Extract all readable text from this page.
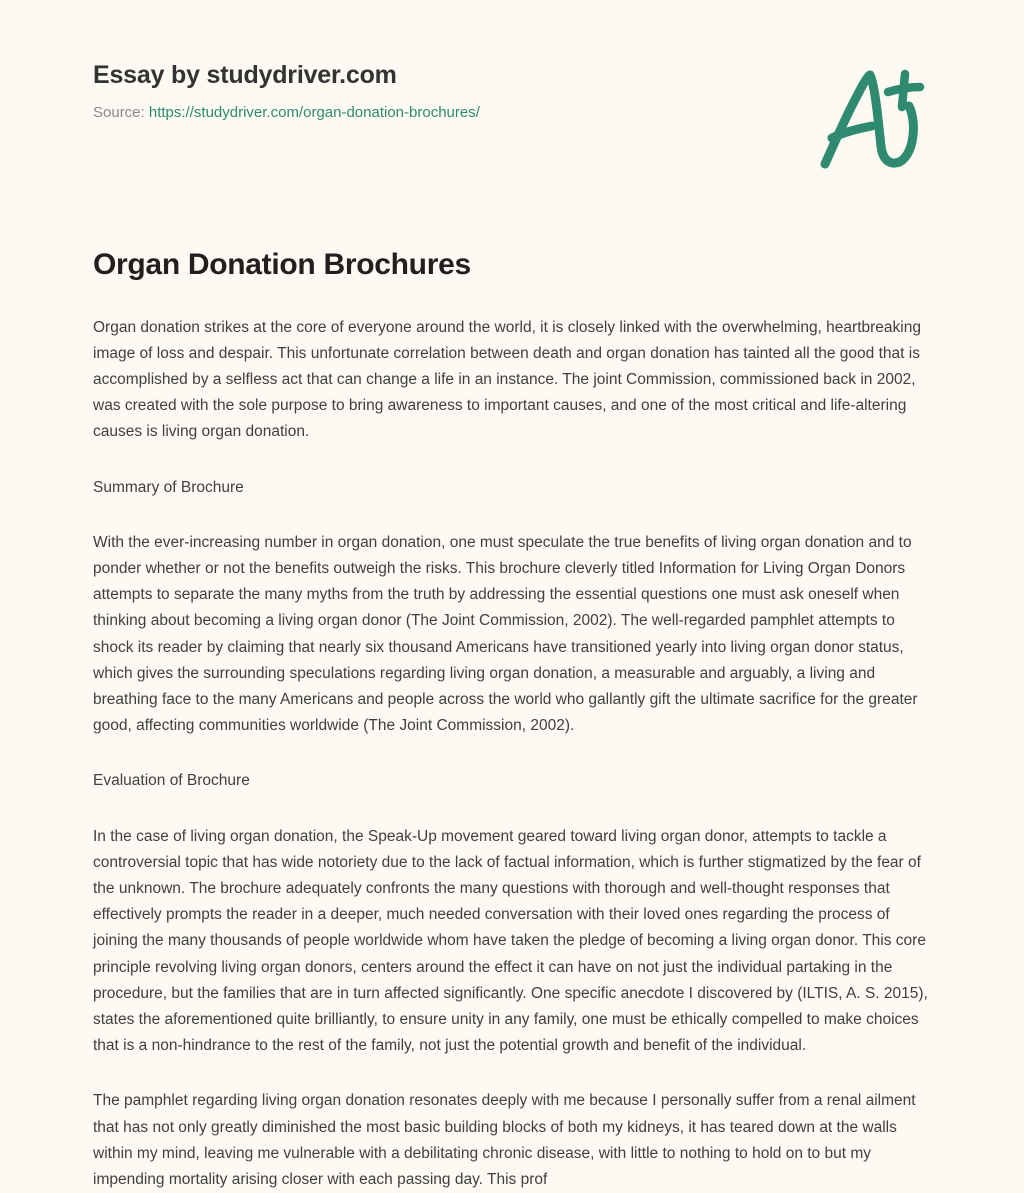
Essay by studydriver.com
Source: https://studydriver.com/organ-donation-brochures/
Organ Donation Brochures

Organ donation strikes at the core of everyone around the world, it is closely linked with the overwhelming, heartbreaking image of loss and despair. This unfortunate correlation between death and organ donation has tainted all the good that is accomplished by a selfless act that can change a life in an instance. The joint Commission, commissioned back in 2002, was created with the sole purpose to bring awareness to important causes, and one of the most critical and life-altering causes is living organ donation.

Summary of Brochure

With the ever-increasing number in organ donation, one must speculate the true benefits of living organ donation and to ponder whether or not the benefits outweigh the risks. This brochure cleverly titled Information for Living Organ Donors attempts to separate the many myths from the truth by addressing the essential questions one must ask oneself when thinking about becoming a living organ donor (The Joint Commission, 2002). The well-regarded pamphlet attempts to shock its reader by claiming that nearly six thousand Americans have transitioned yearly into living organ donor status, which gives the surrounding speculations regarding living organ donation, a measurable and arguably, a living and breathing face to the many Americans and people across the world who gallantly gift the ultimate sacrifice for the greater good, affecting communities worldwide (The Joint Commission, 2002).

Evaluation of Brochure

In the case of living organ donation, the Speak-Up movement geared toward living organ donor, attempts to tackle a controversial topic that has wide notoriety due to the lack of factual information, which is further stigmatized by the fear of the unknown. The brochure adequately confronts the many questions with thorough and well-thought responses that effectively prompts the reader in a deeper, much needed conversation with their loved ones regarding the process of joining the many thousands of people worldwide whom have taken the pledge of becoming a living organ donor. This core principle revolving living organ donors, centers around the effect it can have on not just the individual partaking in the procedure, but the families that are in turn affected significantly. One specific anecdote I discovered by (ILTIS, A. S. 2015), states the aforementioned quite brilliantly, to ensure unity in any family, one must be ethically compelled to make choices that is a non-hindrance to the rest of the family, not just the potential growth and benefit of the individual.

The pamphlet regarding living organ donation resonates deeply with me because I personally suffer from a renal ailment that has not only greatly diminished the most basic building blocks of both my kidneys, it has teared down at the walls within my mind, leaving me vulnerable with a debilitating chronic disease, with little to nothing to hold on to but my impending mortality arising closer with each passing day. This prof
